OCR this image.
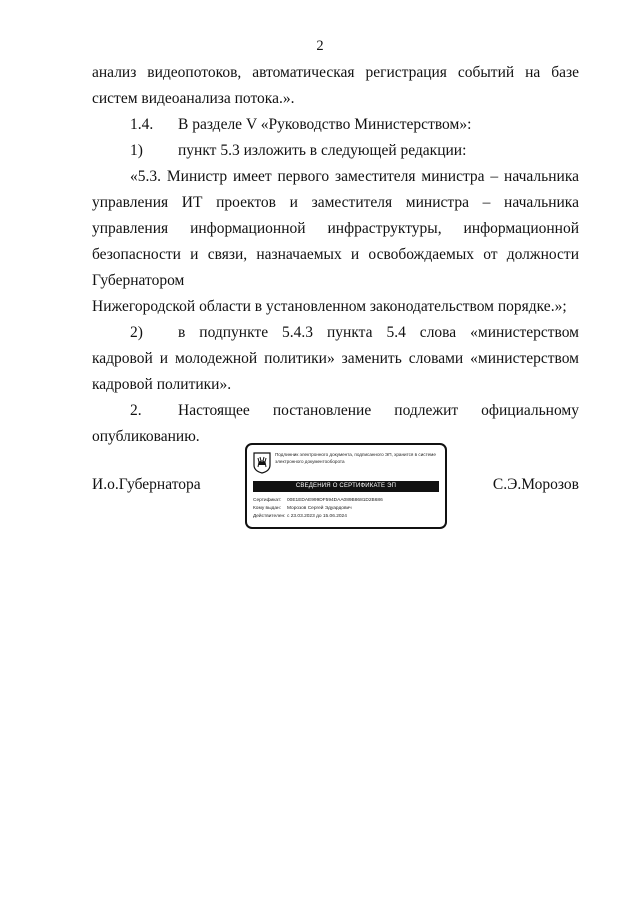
2

анализ видеопотоков, автоматическая регистрация событий на базе систем видеоанализа потока.».

1.4. В разделе V «Руководство Министерством»:

1) пункт 5.3 изложить в следующей редакции:

«5.3. Министр имеет первого заместителя министра – начальника управления ИТ проектов и заместителя министра – начальника управления информационной инфраструктуры, информационной безопасности и связи, назначаемых и освобождаемых от должности Губернатором

Нижегородской области в установленном законодательством порядке.»;

2) в подпункте 5.4.3 пункта 5.4 слова «министерством кадровой и молодежной политики» заменить словами «министерством кадровой политики».

2. Настоящее постановление подлежит официальному опубликованию.

И.о.Губернатора	С.Э.Морозов
Подлинник электронного документа, подписанного ЭП, хранится в системе электронного документооборота
СВЕДЕНИЯ О СЕРТИФИКАТЕ ЭП
Сертификат: 00E1EDAE999DF594DAA089B8681D2B686
Кому выдан: Морозов Сергей Эдуардович
Действителен:с 23.03.2023 до 15.06.2024
